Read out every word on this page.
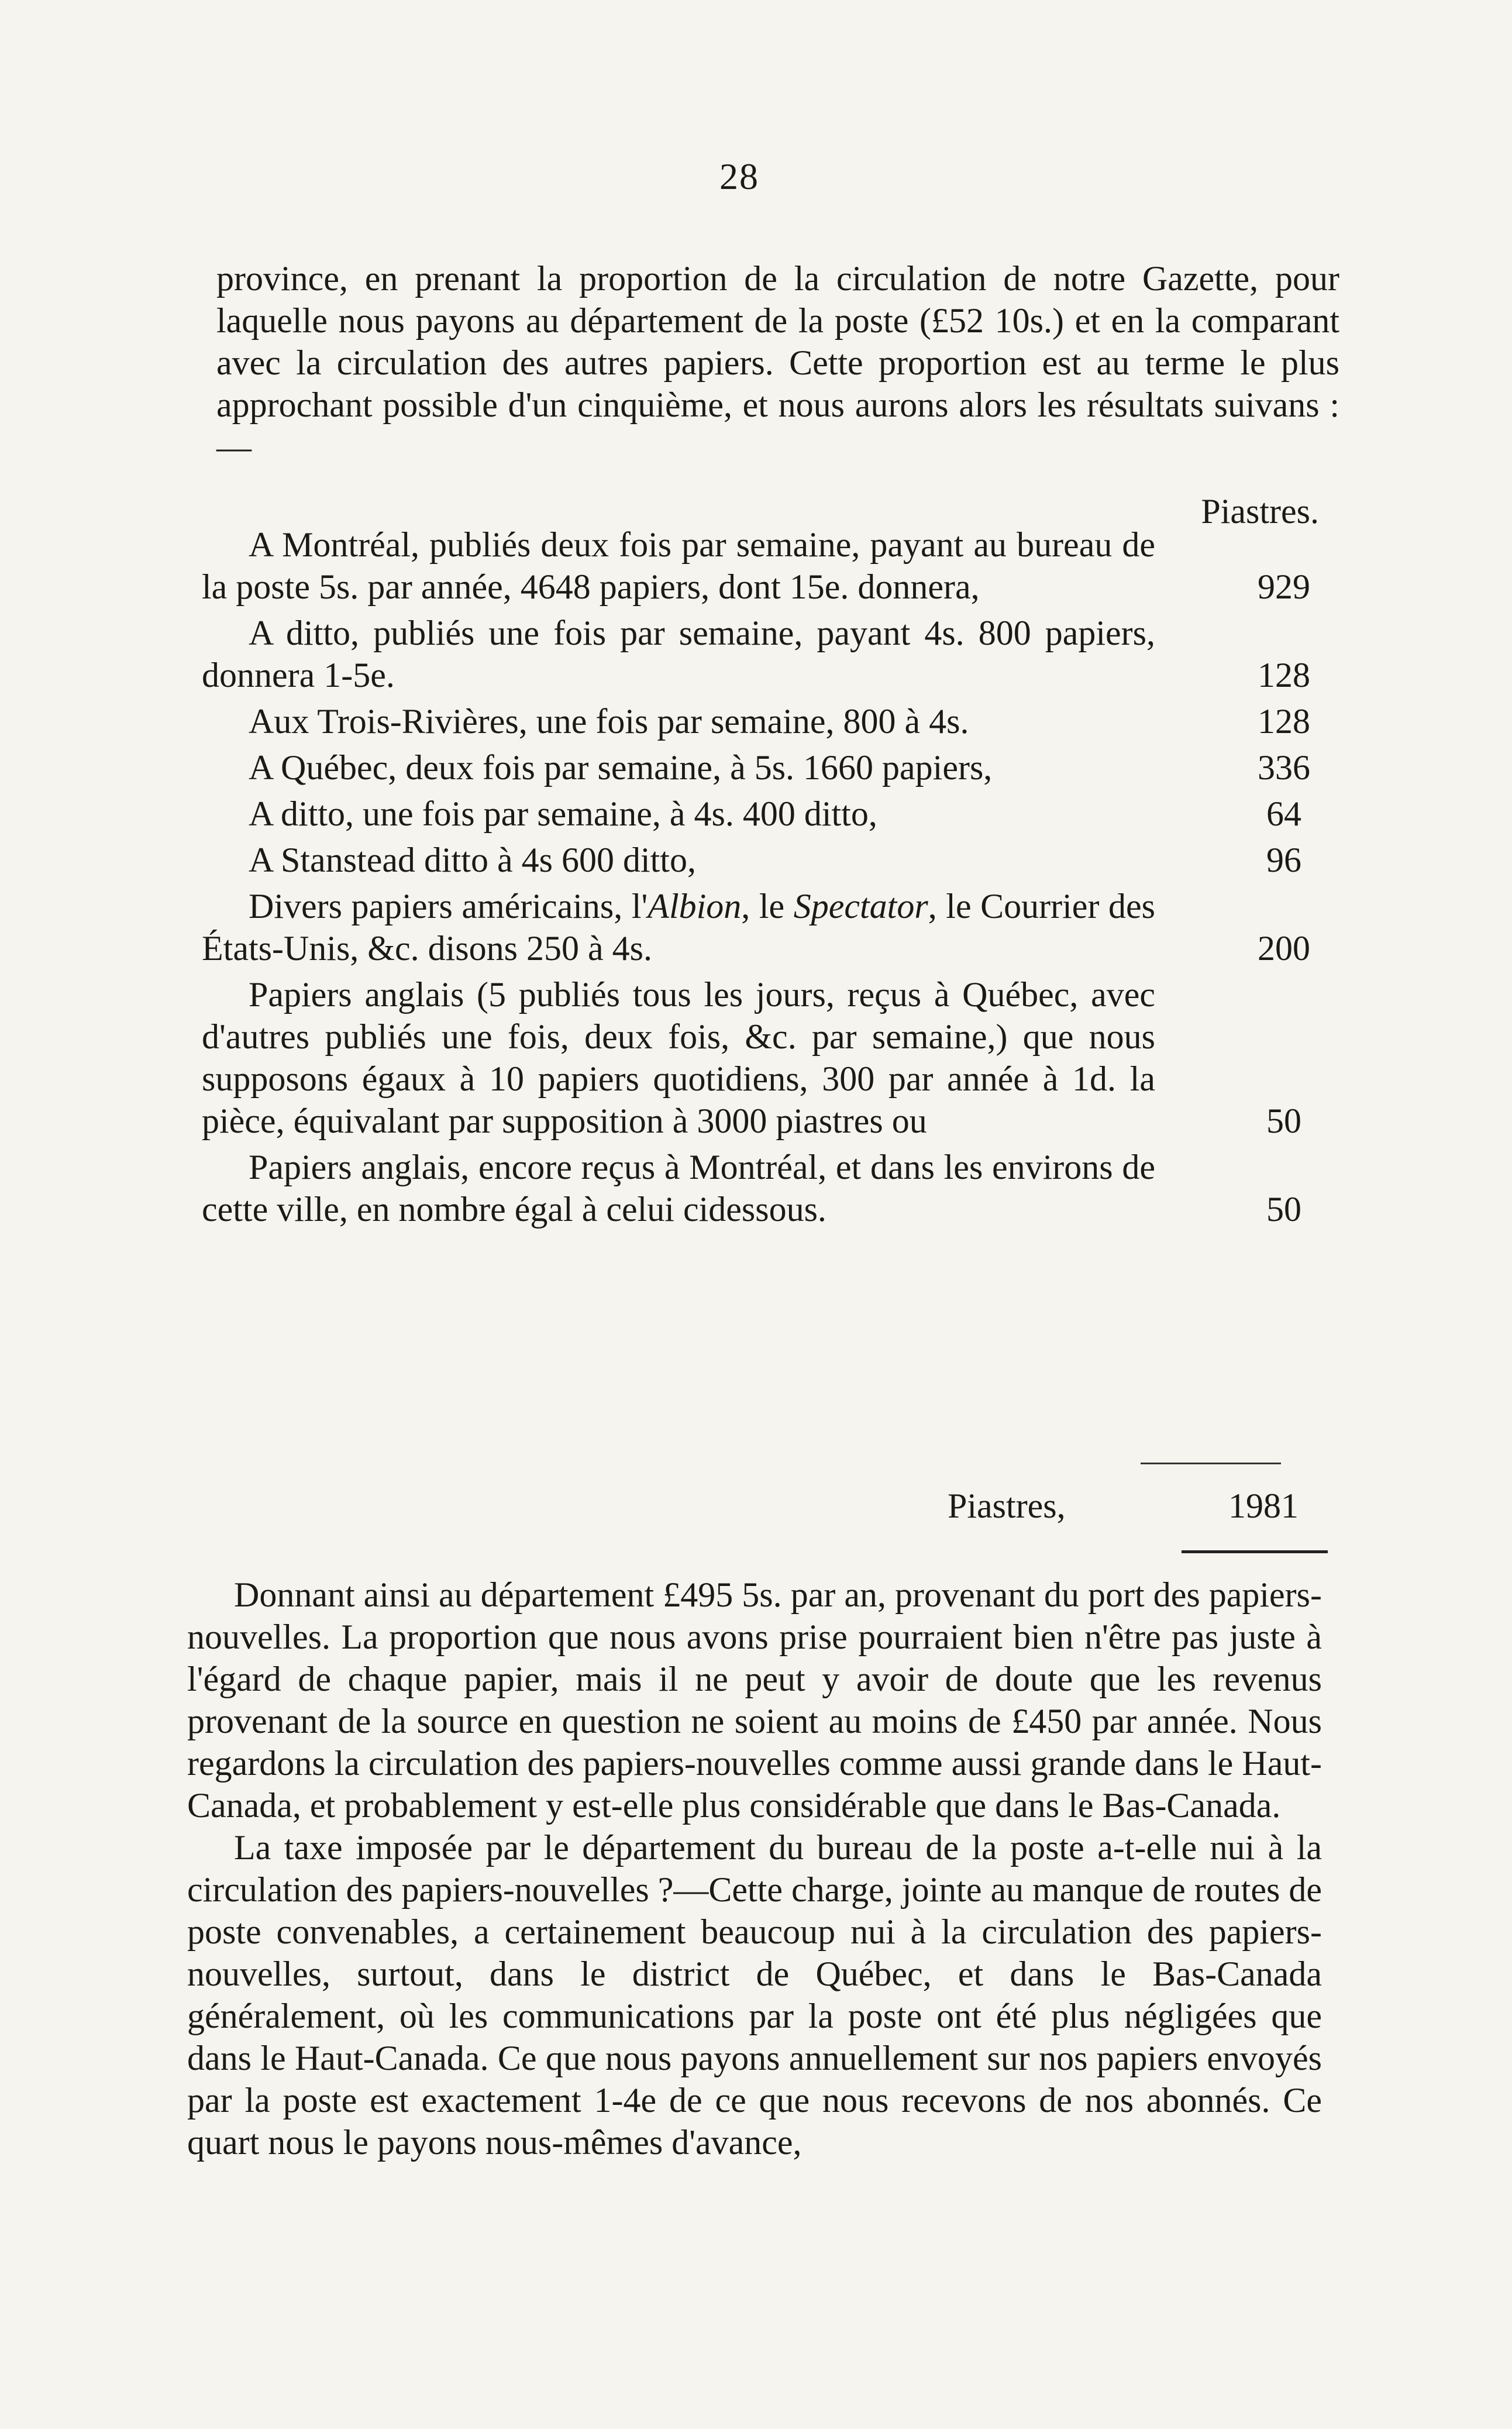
28

province, en prenant la proportion de la circulation de notre Gazette, pour laquelle nous payons au département de la poste (£52 10s.) et en la comparant avec la circulation des autres papiers. Cette proportion est au terme le plus approchant possible d'un cinquième, et nous aurons alors les résultats suivans :—

Piastres.
A Montréal, publiés deux fois par semaine, payant au bureau de la poste 5s. par année, 4648 papiers, dont 15e. donnera,	929
A ditto, publiés une fois par semaine, payant 4s. 800 papiers, donnera 1-5e.	128
Aux Trois-Rivières, une fois par semaine, 800 à 4s.	128
A Québec, deux fois par semaine, à 5s. 1660 papiers,	336
A ditto, une fois par semaine, à 4s. 400 ditto,	64
A Stanstead ditto à 4s 600 ditto,	96
Divers papiers américains, l'Albion, le Spectator, le Courrier des États-Unis, &c. disons 250 à 4s.	200
Papiers anglais (5 publiés tous les jours, reçus à Québec, avec d'autres publiés une fois, deux fois, &c. par semaine,) que nous supposons égaux à 10 papiers quotidiens, 300 par année à 1d. la pièce, équivalant par supposition à 3000 piastres ou	50
Papiers anglais, encore reçus à Montréal, et dans les environs de cette ville, en nombre égal à celui cidessous.	50
Piastres,	1981

Donnant ainsi au département £495 5s. par an, provenant du port des papiers-nouvelles. La proportion que nous avons prise pourraient bien n'être pas juste à l'égard de chaque papier, mais il ne peut y avoir de doute que les revenus provenant de la source en question ne soient au moins de £450 par année. Nous regardons la circulation des papiers-nouvelles comme aussi grande dans le Haut-Canada, et probablement y est-elle plus considérable que dans le Bas-Canada.

La taxe imposée par le département du bureau de la poste a-t-elle nui à la circulation des papiers-nouvelles ?—Cette charge, jointe au manque de routes de poste convenables, a certainement beaucoup nui à la circulation des papiers-nouvelles, surtout, dans le district de Québec, et dans le Bas-Canada généralement, où les communications par la poste ont été plus négligées que dans le Haut-Canada. Ce que nous payons annuellement sur nos papiers envoyés par la poste est exactement 1-4e de ce que nous recevons de nos abonnés. Ce quart nous le payons nous-mêmes d'avance,
